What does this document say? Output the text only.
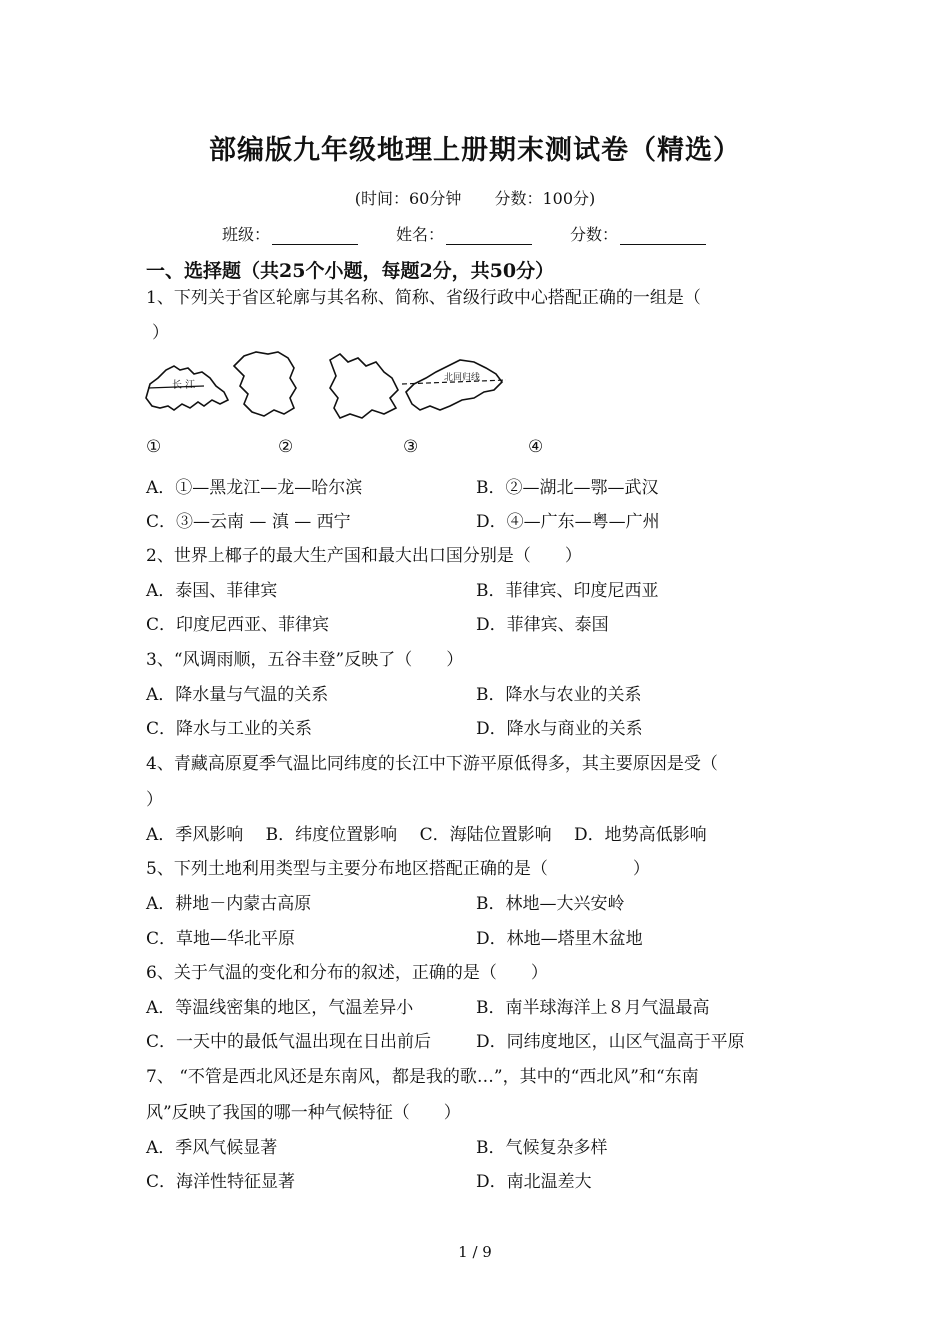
部编版九年级地理上册期末测试卷（精选）
(时间：60分钟 分数：100分)
班级：	姓名：	分数：
一、选择题（共25个小题，每题2分，共50分）
1、下列关于省区轮廓与其名称、简称、省级行政中心搭配正确的一组是（
）
长 江
北回归线
①	②	③	④
A．①—黑龙江—龙—哈尔滨	B．②—湖北—鄂—武汉
C．③—云南 — 滇 — 西宁	D．④—广东—粤—广州
2、世界上椰子的最大生产国和最大出口国分别是（　　）
A．泰国、菲律宾	B．菲律宾、印度尼西亚
C．印度尼西亚、菲律宾	D．菲律宾、泰国
3、“风调雨顺，五谷丰登”反映了（　　）
A．降水量与气温的关系	B．降水与农业的关系
C．降水与工业的关系	D．降水与商业的关系
4、青藏高原夏季气温比同纬度的长江中下游平原低得多，其主要原因是受（
）
A．季风影响　 B．纬度位置影响　 C．海陆位置影响　 D．地势高低影响
5、下列土地利用类型与主要分布地区搭配正确的是（　　　　　）
A．耕地－内蒙古高原	B．林地—大兴安岭
C．草地—华北平原	D．林地—塔里木盆地
6、关于气温的变化和分布的叙述，正确的是（　　）
A．等温线密集的地区，气温差异小	B．南半球海洋上８月气温最高
C．一天中的最低气温出现在日出前后	D．同纬度地区，山区气温高于平原
7、 “不管是西北风还是东南风，都是我的歌…”，其中的“西北风”和“东南
风”反映了我国的哪一种气候特征（　　）
A．季风气候显著	B．气候复杂多样
C．海洋性特征显著	D．南北温差大
1 / 9
